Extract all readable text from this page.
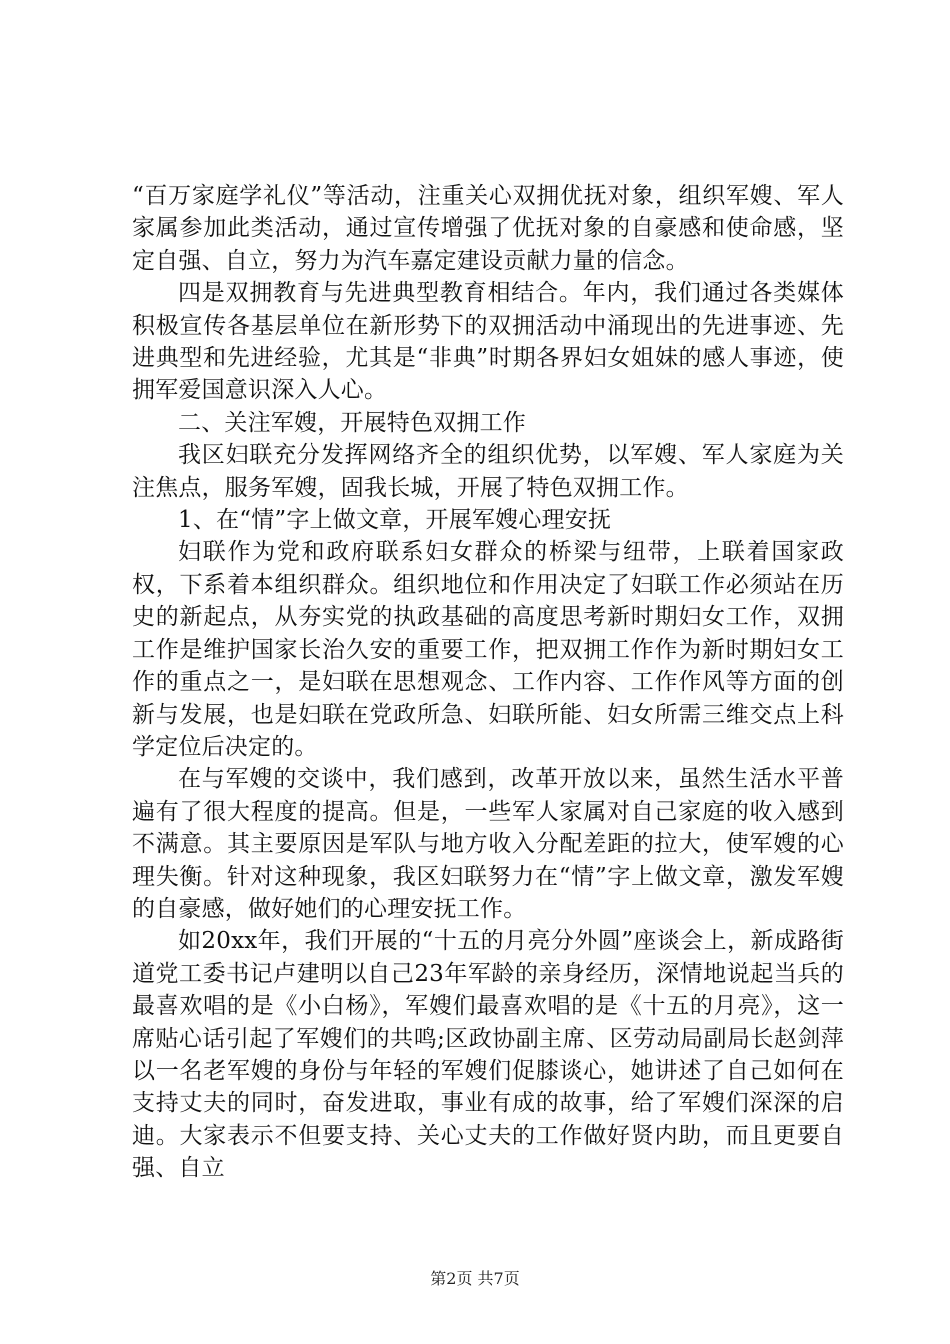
“百万家庭学礼仪”等活动，注重关心双拥优抚对象，组织军嫂、军人家属参加此类活动，通过宣传增强了优抚对象的自豪感和使命感，坚定自强、自立，努力为汽车嘉定建设贡献力量的信念。

四是双拥教育与先进典型教育相结合。年内，我们通过各类媒体积极宣传各基层单位在新形势下的双拥活动中涌现出的先进事迹、先进典型和先进经验，尤其是“非典”时期各界妇女姐妹的感人事迹，使拥军爱国意识深入人心。

二、关注军嫂，开展特色双拥工作

我区妇联充分发挥网络齐全的组织优势，以军嫂、军人家庭为关注焦点，服务军嫂，固我长城，开展了特色双拥工作。

1、在“情”字上做文章，开展军嫂心理安抚

妇联作为党和政府联系妇女群众的桥梁与纽带，上联着国家政权，下系着本组织群众。组织地位和作用决定了妇联工作必须站在历史的新起点，从夯实党的执政基础的高度思考新时期妇女工作，双拥工作是维护国家长治久安的重要工作，把双拥工作作为新时期妇女工作的重点之一，是妇联在思想观念、工作内容、工作作风等方面的创新与发展，也是妇联在党政所急、妇联所能、妇女所需三维交点上科学定位后决定的。

在与军嫂的交谈中，我们感到，改革开放以来，虽然生活水平普遍有了很大程度的提高。但是，一些军人家属对自己家庭的收入感到不满意。其主要原因是军队与地方收入分配差距的拉大，使军嫂的心理失衡。针对这种现象，我区妇联努力在“情”字上做文章，激发军嫂的自豪感，做好她们的心理安抚工作。

如20xx年，我们开展的“十五的月亮分外圆”座谈会上，新成路街道党工委书记卢建明以自己23年军龄的亲身经历，深情地说起当兵的最喜欢唱的是《小白杨》，军嫂们最喜欢唱的是《十五的月亮》，这一席贴心话引起了军嫂们的共鸣;区政协副主席、区劳动局副局长赵剑萍以一名老军嫂的身份与年轻的军嫂们促膝谈心，她讲述了自己如何在支持丈夫的同时，奋发进取，事业有成的故事，给了军嫂们深深的启迪。大家表示不但要支持、关心丈夫的工作做好贤内助，而且更要自强、自立

第2页 共7页
